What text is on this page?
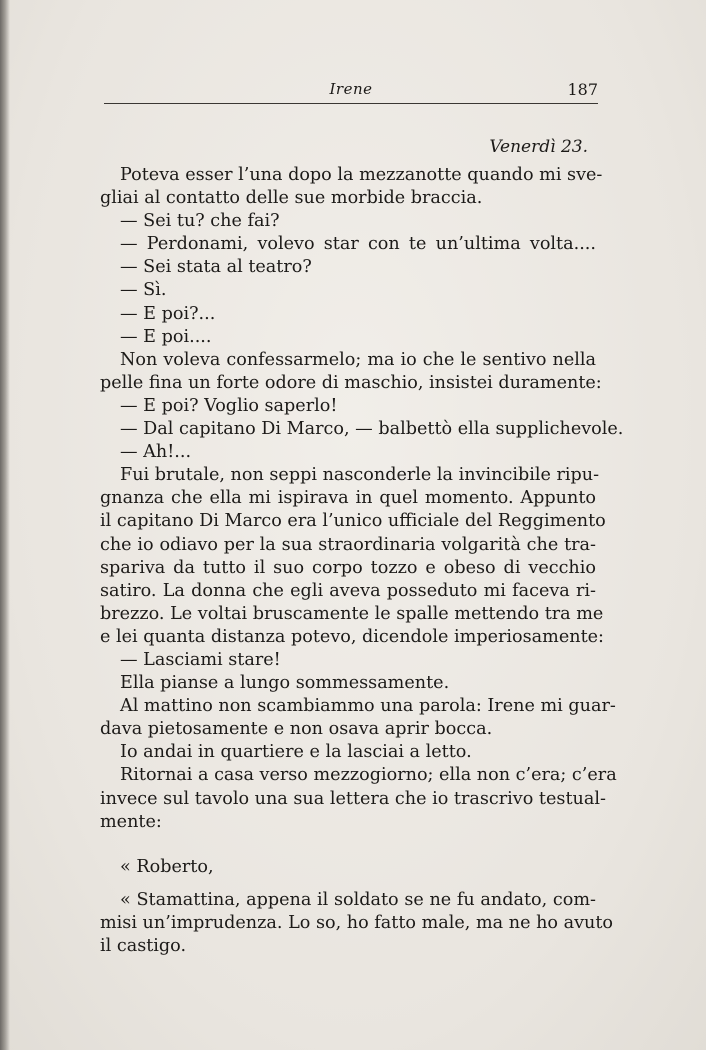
Irene	187
Venerdì 23.
Poteva esser l’una dopo la mezzanotte quando mi sve-
gliai al contatto delle sue morbide braccia.
— Sei tu? che fai?
— Perdonami, volevo star con te un’ultima volta....
— Sei stata al teatro?
— Sì.
— E poi?...
— E poi....
Non voleva confessarmelo; ma io che le sentivo nella
pelle fina un forte odore di maschio, insistei duramente:
— E poi? Voglio saperlo!
— Dal capitano Di Marco, — balbettò ella supplichevole.
— Ah!...
Fui brutale, non seppi nasconderle la invincibile ripu-
gnanza che ella mi ispirava in quel momento. Appunto
il capitano Di Marco era l’unico ufficiale del Reggimento
che io odiavo per la sua straordinaria volgarità che tra-
spariva da tutto il suo corpo tozzo e obeso di vecchio
satiro. La donna che egli aveva posseduto mi faceva ri-
brezzo. Le voltai bruscamente le spalle mettendo tra me
e lei quanta distanza potevo, dicendole imperiosamente:
— Lasciami stare!
Ella pianse a lungo sommessamente.
Al mattino non scambiammo una parola: Irene mi guar-
dava pietosamente e non osava aprir bocca.
Io andai in quartiere e la lasciai a letto.
Ritornai a casa verso mezzogiorno; ella non c’era; c’era
invece sul tavolo una sua lettera che io trascrivo testual-
mente:
« Roberto,
« Stamattina, appena il soldato se ne fu andato, com-
misi un’imprudenza. Lo so, ho fatto male, ma ne ho avuto
il castigo.
